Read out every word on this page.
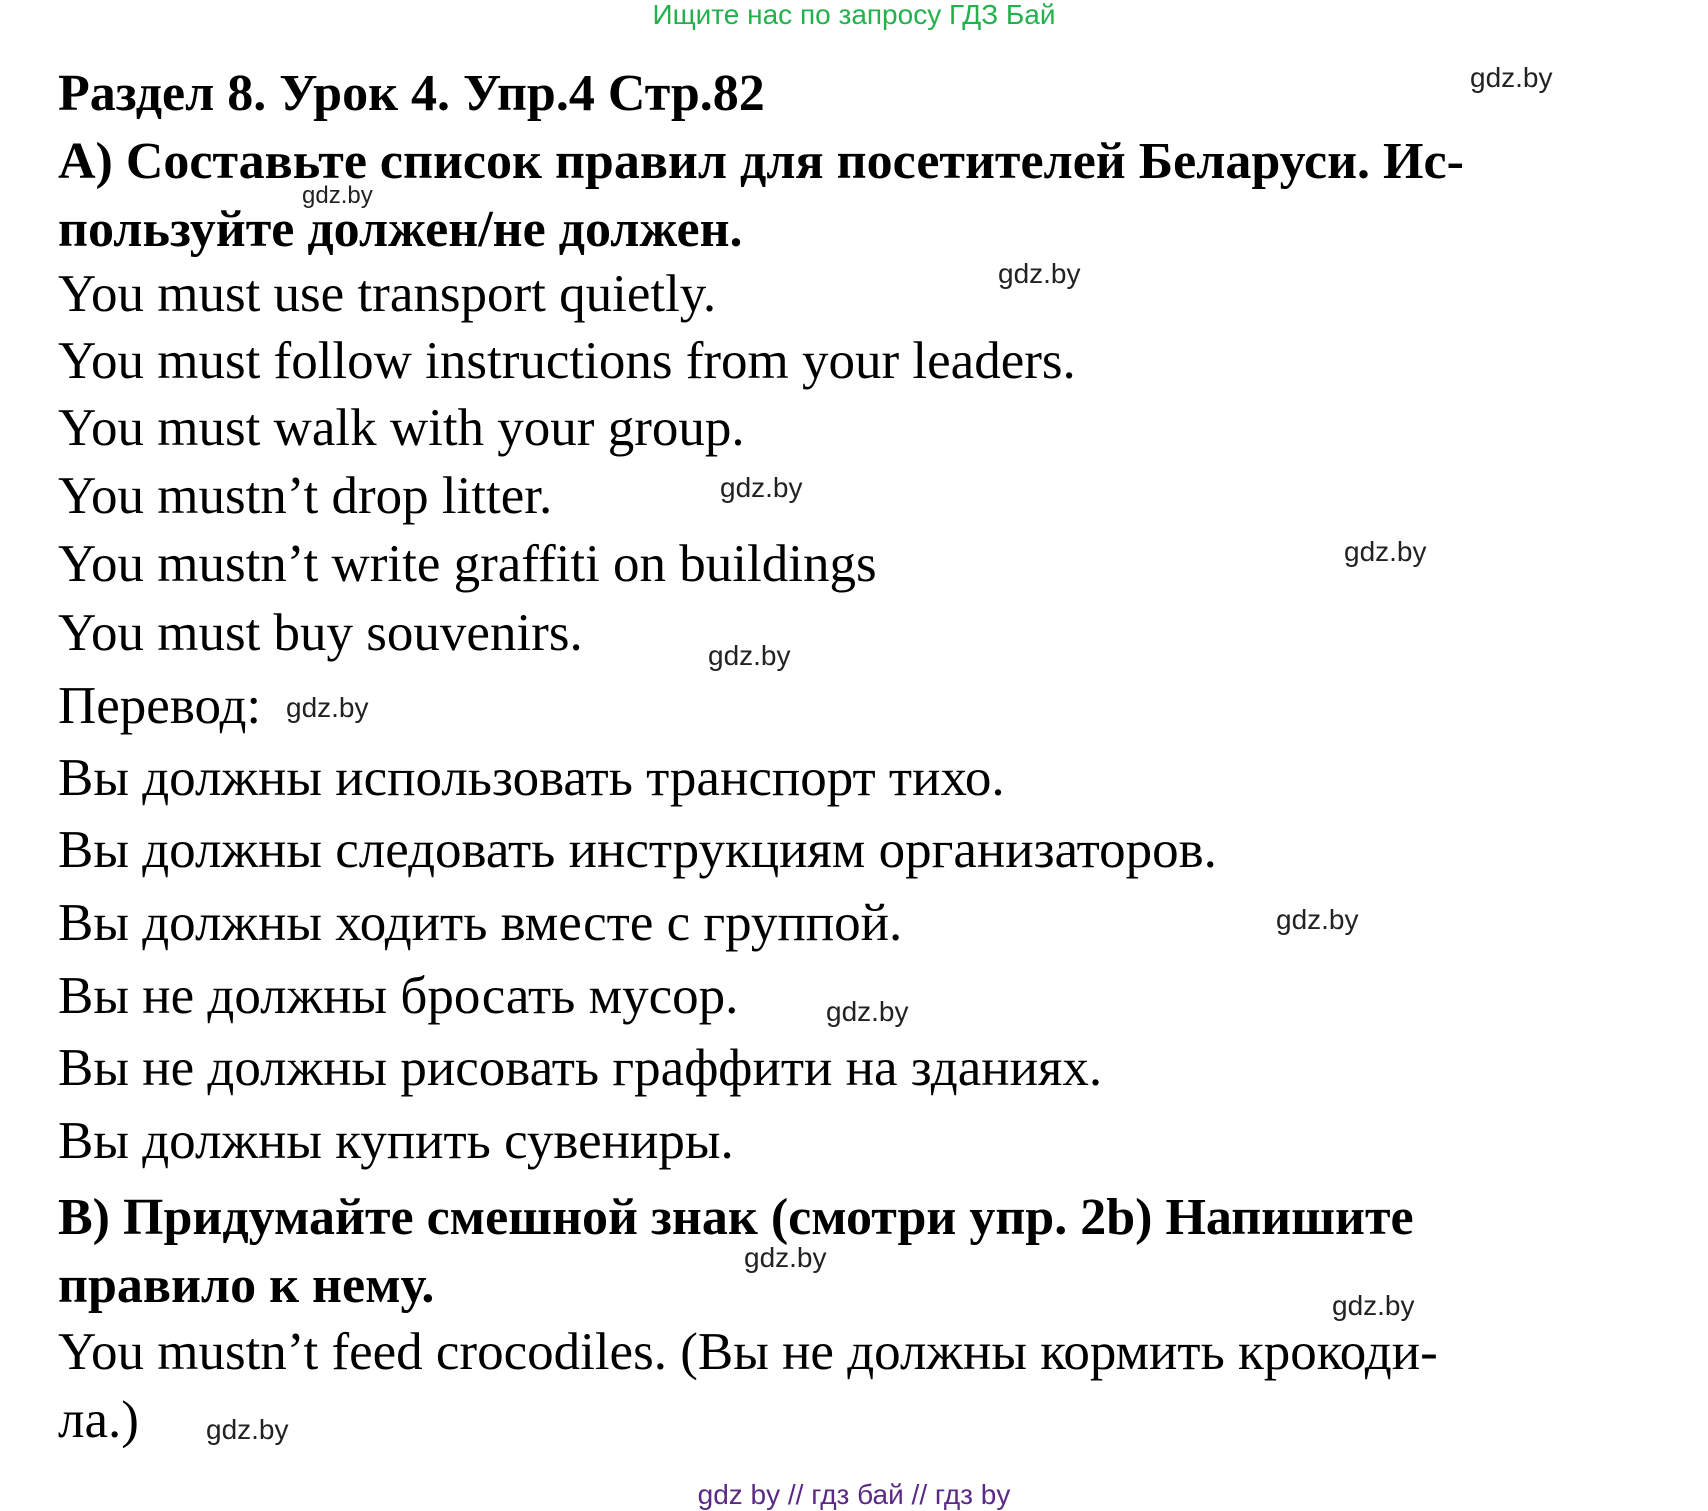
Ищите нас по запросу ГДЗ Бай
Раздел 8. Урок 4. Упр.4 Стр.82
A) Составьте список правил для посетителей Беларуси. Ис-
пользуйте должен/не должен.
You must use transport quietly.
You must follow instructions from your leaders.
You must walk with your group.
You mustn’t drop litter.
You mustn’t write graffiti on buildings
You must buy souvenirs.
Перевод:
Вы должны использовать транспорт тихо.
Вы должны следовать инструкциям организаторов.
Вы должны ходить вместе с группой.
Вы не должны бросать мусор.
Вы не должны рисовать граффити на зданиях.
Вы должны купить сувениры.
B) Придумайте смешной знак (смотри упр. 2b) Напишите
правило к нему.
You mustn’t feed crocodiles. (Вы не должны кормить крокоди-
ла.)
gdz.by
gdz.by
gdz.by
gdz.by
gdz.by
gdz.by
gdz.by
gdz.by
gdz.by
gdz.by
gdz.by
gdz.by
gdz by // гдз бай // гдз by
